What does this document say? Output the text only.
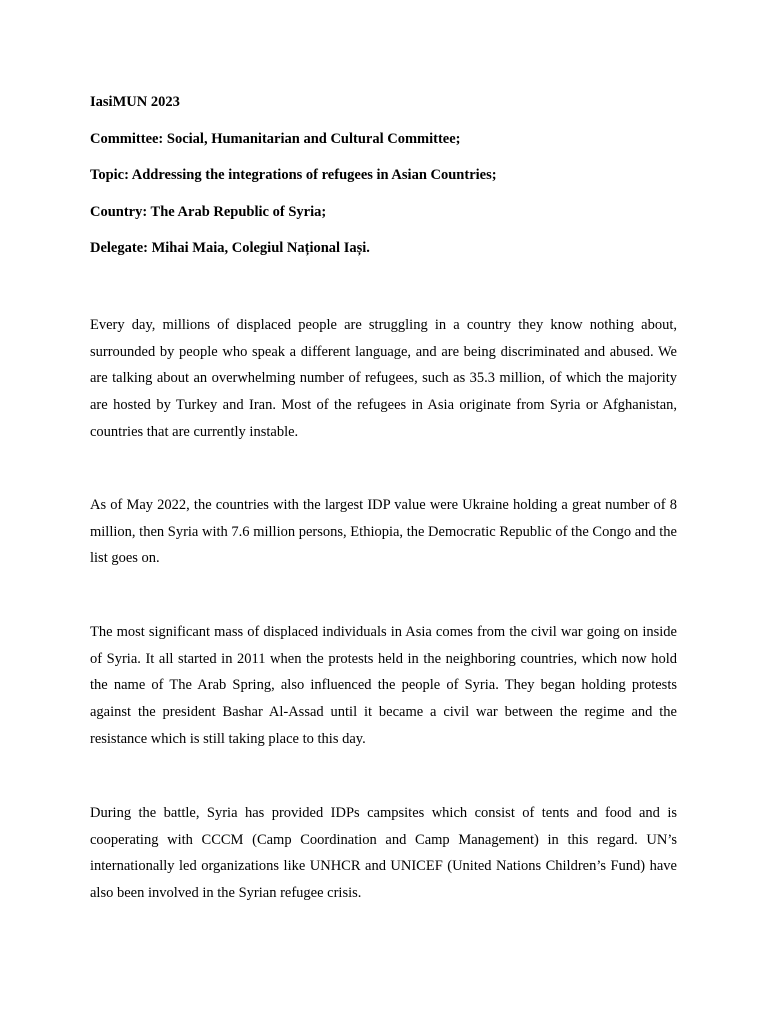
IasiMUN 2023
Committee: Social, Humanitarian and Cultural Committee;
Topic: Addressing the integrations of refugees in Asian Countries;
Country: The Arab Republic of Syria;
Delegate: Mihai Maia, Colegiul Național Iași.

Every day, millions of displaced people are struggling in a country they know nothing about, surrounded by people who speak a different language, and are being discriminated and abused. We are talking about an overwhelming number of refugees, such as 35.3 million, of which the majority are hosted by Turkey and Iran. Most of the refugees in Asia originate from Syria or Afghanistan, countries that are currently instable.

As of May 2022, the countries with the largest IDP value were Ukraine holding a great number of 8 million, then Syria with 7.6 million persons, Ethiopia, the Democratic Republic of the Congo and the list goes on.

The most significant mass of displaced individuals in Asia comes from the civil war going on inside of Syria. It all started in 2011 when the protests held in the neighboring countries, which now hold the name of The Arab Spring, also influenced the people of Syria. They began holding protests against the president Bashar Al-Assad until it became a civil war between the regime and the resistance which is still taking place to this day.

During the battle, Syria has provided IDPs campsites which consist of tents and food and is cooperating with CCCM (Camp Coordination and Camp Management) in this regard. UN’s internationally led organizations like UNHCR and UNICEF (United Nations Children’s Fund) have also been involved in the Syrian refugee crisis.
